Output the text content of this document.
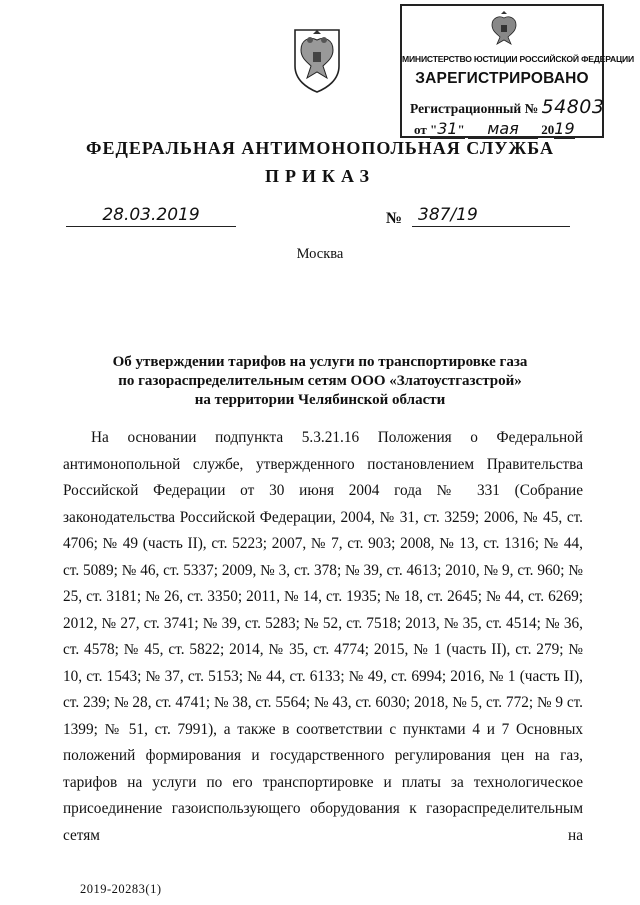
МИНИСТЕРСТВО ЮСТИЦИИ РОССИЙСКОЙ ФЕДЕРАЦИИ
ЗАРЕГИСТРИРОВАНО
Регистрационный № 54803
от "31" мая 2019
ФЕДЕРАЛЬНАЯ АНТИМОНОПОЛЬНАЯ СЛУЖБА
ПРИКАЗ
28.03.2019	№ 387/19
Москва
Об утверждении тарифов на услуги по транспортировке газа
по газораспределительным сетям ООО «Златоустгазстрой»
на территории Челябинской области

На основании подпункта 5.3.21.16 Положения о Федеральной антимонопольной службе, утвержденного постановлением Правительства Российской Федерации от 30 июня 2004 года № 331 (Собрание законодательства Российской Федерации, 2004, № 31, ст. 3259; 2006, № 45, ст. 4706; № 49 (часть II), ст. 5223; 2007, № 7, ст. 903; 2008, № 13, ст. 1316; № 44, ст. 5089; № 46, ст. 5337; 2009, № 3, ст. 378; № 39, ст. 4613; 2010, № 9, ст. 960; № 25, ст. 3181; № 26, ст. 3350; 2011, № 14, ст. 1935; № 18, ст. 2645; № 44, ст. 6269; 2012, № 27, ст. 3741; № 39, ст. 5283; № 52, ст. 7518; 2013, № 35, ст. 4514; № 36, ст. 4578; № 45, ст. 5822; 2014, № 35, ст. 4774; 2015, № 1 (часть II), ст. 279; № 10, ст. 1543; № 37, ст. 5153; № 44, ст. 6133; № 49, ст. 6994; 2016, № 1 (часть II), ст. 239; № 28, ст. 4741; № 38, ст. 5564; № 43, ст. 6030; 2018, № 5, ст. 772; № 9 ст. 1399; № 51, ст. 7991), а также в соответствии с пунктами 4 и 7 Основных положений формирования и государственного регулирования цен на газ, тарифов на услуги по его транспортировке и платы за технологическое присоединение газоиспользующего оборудования к газораспределительным сетям на

2019-20283(1)
